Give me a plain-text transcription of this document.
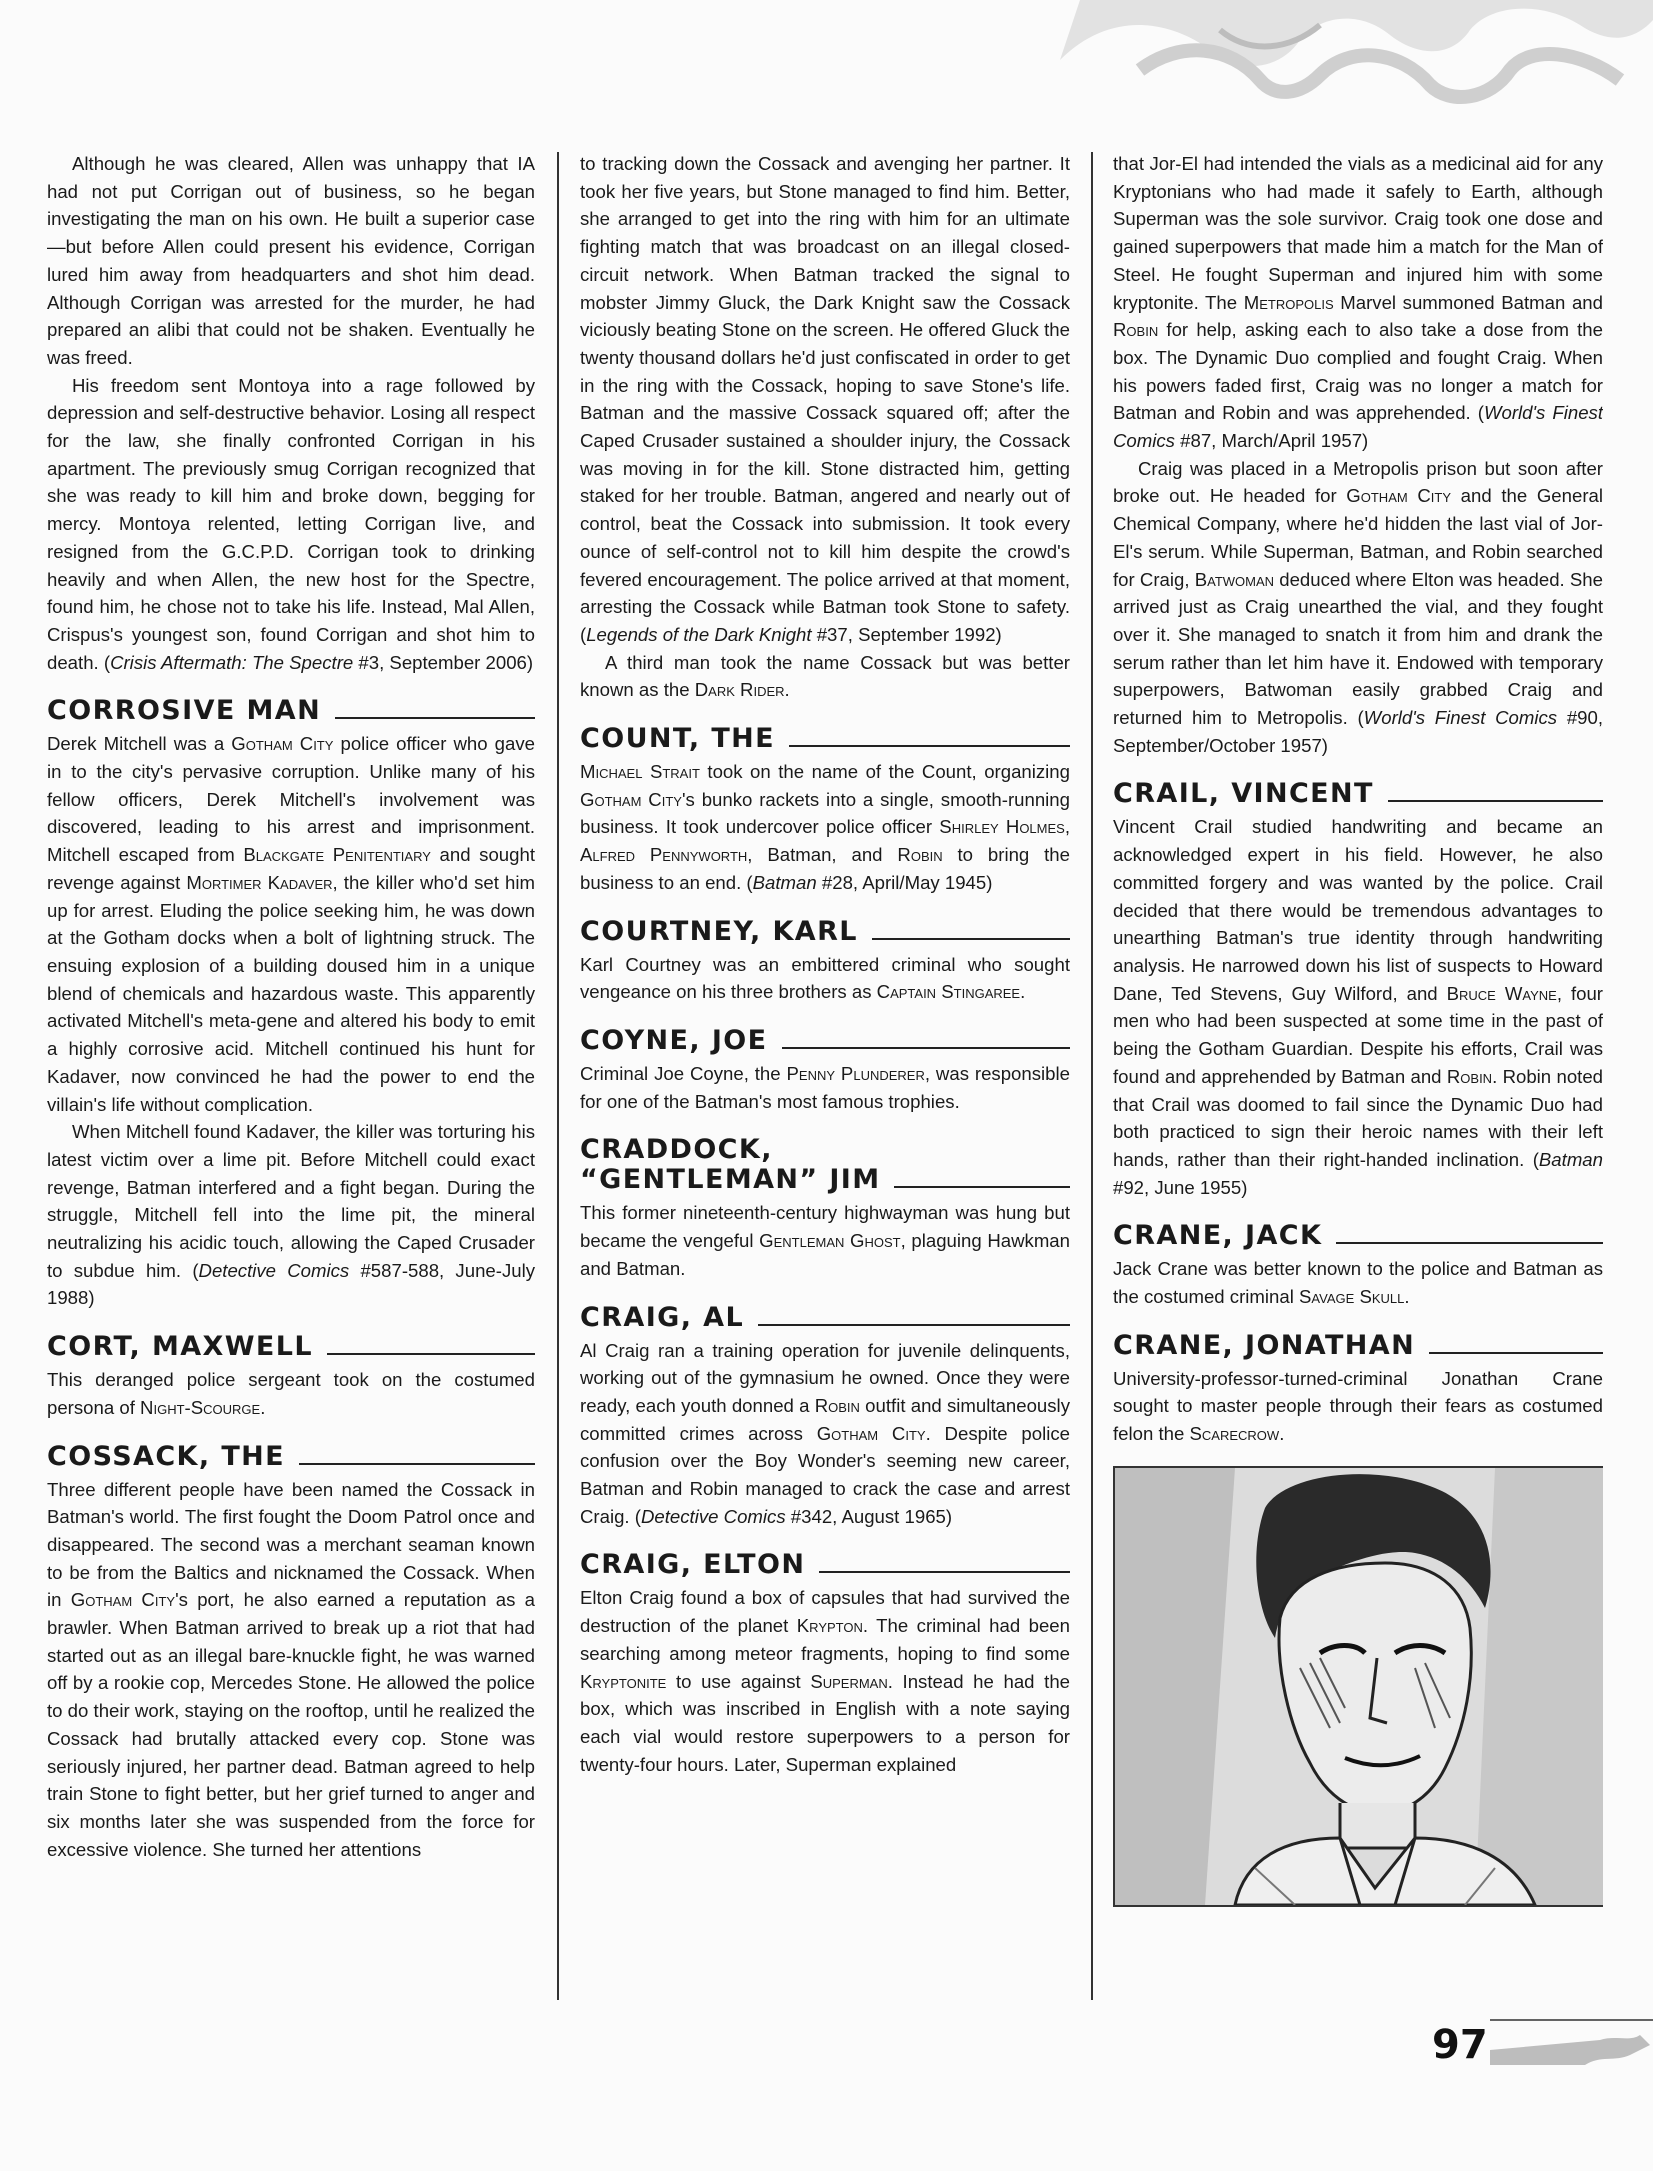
Although he was cleared, Allen was unhappy that IA had not put Corrigan out of business, so he began investigating the man on his own. He built a superior case—but before Allen could present his evidence, Corrigan lured him away from headquarters and shot him dead. Although Corrigan was arrested for the murder, he had prepared an alibi that could not be shaken. Eventually he was freed.

His freedom sent Montoya into a rage followed by depression and self-destructive behavior. Losing all respect for the law, she finally confronted Corrigan in his apartment. The previously smug Corrigan recognized that she was ready to kill him and broke down, begging for mercy. Montoya relented, letting Corrigan live, and resigned from the G.C.P.D. Corrigan took to drinking heavily and when Allen, the new host for the Spectre, found him, he chose not to take his life. Instead, Mal Allen, Crispus's youngest son, found Corrigan and shot him to death. (Crisis Aftermath: The Spectre #3, September 2006)

CORROSIVE MAN

Derek Mitchell was a Gotham City police officer who gave in to the city's pervasive corruption. Unlike many of his fellow officers, Derek Mitchell's involvement was discovered, leading to his arrest and imprisonment. Mitchell escaped from Blackgate Penitentiary and sought revenge against Mortimer Kadaver, the killer who'd set him up for arrest. Eluding the police seeking him, he was down at the Gotham docks when a bolt of lightning struck. The ensuing explosion of a building doused him in a unique blend of chemicals and hazardous waste. This apparently activated Mitchell's meta-gene and altered his body to emit a highly corrosive acid. Mitchell continued his hunt for Kadaver, now convinced he had the power to end the villain's life without complication.

When Mitchell found Kadaver, the killer was torturing his latest victim over a lime pit. Before Mitchell could exact revenge, Batman interfered and a fight began. During the struggle, Mitchell fell into the lime pit, the mineral neutralizing his acidic touch, allowing the Caped Crusader to subdue him. (Detective Comics #587-588, June-July 1988)

CORT, MAXWELL

This deranged police sergeant took on the costumed persona of Night-Scourge.

COSSACK, THE

Three different people have been named the Cossack in Batman's world. The first fought the Doom Patrol once and disappeared. The second was a merchant seaman known to be from the Baltics and nicknamed the Cossack. When in Gotham City's port, he also earned a reputation as a brawler. When Batman arrived to break up a riot that had started out as an illegal bare-knuckle fight, he was warned off by a rookie cop, Mercedes Stone. He allowed the police to do their work, staying on the rooftop, until he realized the Cossack had brutally attacked every cop. Stone was seriously injured, her partner dead. Batman agreed to help train Stone to fight better, but her grief turned to anger and six months later she was suspended from the force for excessive violence. She turned her attentions

to tracking down the Cossack and avenging her partner. It took her five years, but Stone managed to find him. Better, she arranged to get into the ring with him for an ultimate fighting match that was broadcast on an illegal closed-circuit network. When Batman tracked the signal to mobster Jimmy Gluck, the Dark Knight saw the Cossack viciously beating Stone on the screen. He offered Gluck the twenty thousand dollars he'd just confiscated in order to get in the ring with the Cossack, hoping to save Stone's life. Batman and the massive Cossack squared off; after the Caped Crusader sustained a shoulder injury, the Cossack was moving in for the kill. Stone distracted him, getting staked for her trouble. Batman, angered and nearly out of control, beat the Cossack into submission. It took every ounce of self-control not to kill him despite the crowd's fevered encouragement. The police arrived at that moment, arresting the Cossack while Batman took Stone to safety. (Legends of the Dark Knight #37, September 1992)

A third man took the name Cossack but was better known as the Dark Rider.

COUNT, THE

Michael Strait took on the name of the Count, organizing Gotham City's bunko rackets into a single, smooth-running business. It took undercover police officer Shirley Holmes, Alfred Pennyworth, Batman, and Robin to bring the business to an end. (Batman #28, April/May 1945)

COURTNEY, KARL

Karl Courtney was an embittered criminal who sought vengeance on his three brothers as Captain Stingaree.

COYNE, JOE

Criminal Joe Coyne, the Penny Plunderer, was responsible for one of the Batman's most famous trophies.

CRADDOCK,
“GENTLEMAN” JIM

This former nineteenth-century highwayman was hung but became the vengeful Gentleman Ghost, plaguing Hawkman and Batman.

CRAIG, AL

Al Craig ran a training operation for juvenile delinquents, working out of the gymnasium he owned. Once they were ready, each youth donned a Robin outfit and simultaneously committed crimes across Gotham City. Despite police confusion over the Boy Wonder's seeming new career, Batman and Robin managed to crack the case and arrest Craig. (Detective Comics #342, August 1965)

CRAIG, ELTON

Elton Craig found a box of capsules that had survived the destruction of the planet Krypton. The criminal had been searching among meteor fragments, hoping to find some Kryptonite to use against Superman. Instead he had the box, which was inscribed in English with a note saying each vial would restore superpowers to a person for twenty-four hours. Later, Superman explained

that Jor-El had intended the vials as a medicinal aid for any Kryptonians who had made it safely to Earth, although Superman was the sole survivor. Craig took one dose and gained superpowers that made him a match for the Man of Steel. He fought Superman and injured him with some kryptonite. The Metropolis Marvel summoned Batman and Robin for help, asking each to also take a dose from the box. The Dynamic Duo complied and fought Craig. When his powers faded first, Craig was no longer a match for Batman and Robin and was apprehended. (World's Finest Comics #87, March/April 1957)

Craig was placed in a Metropolis prison but soon after broke out. He headed for Gotham City and the General Chemical Company, where he'd hidden the last vial of Jor-El's serum. While Superman, Batman, and Robin searched for Craig, Batwoman deduced where Elton was headed. She arrived just as Craig unearthed the vial, and they fought over it. She managed to snatch it from him and drank the serum rather than let him have it. Endowed with temporary superpowers, Batwoman easily grabbed Craig and returned him to Metropolis. (World's Finest Comics #90, September/October 1957)

CRAIL, VINCENT

Vincent Crail studied handwriting and became an acknowledged expert in his field. However, he also committed forgery and was wanted by the police. Crail decided that there would be tremendous advantages to unearthing Batman's true identity through handwriting analysis. He narrowed down his list of suspects to Howard Dane, Ted Stevens, Guy Wilford, and Bruce Wayne, four men who had been suspected at some time in the past of being the Gotham Guardian. Despite his efforts, Crail was found and apprehended by Batman and Robin. Robin noted that Crail was doomed to fail since the Dynamic Duo had both practiced to sign their heroic names with their left hands, rather than their right-handed inclination. (Batman #92, June 1955)

CRANE, JACK

Jack Crane was better known to the police and Batman as the costumed criminal Savage Skull.

CRANE, JONATHAN

University-professor-turned-criminal Jonathan Crane sought to master people through their fears as costumed felon the Scarecrow.

97
